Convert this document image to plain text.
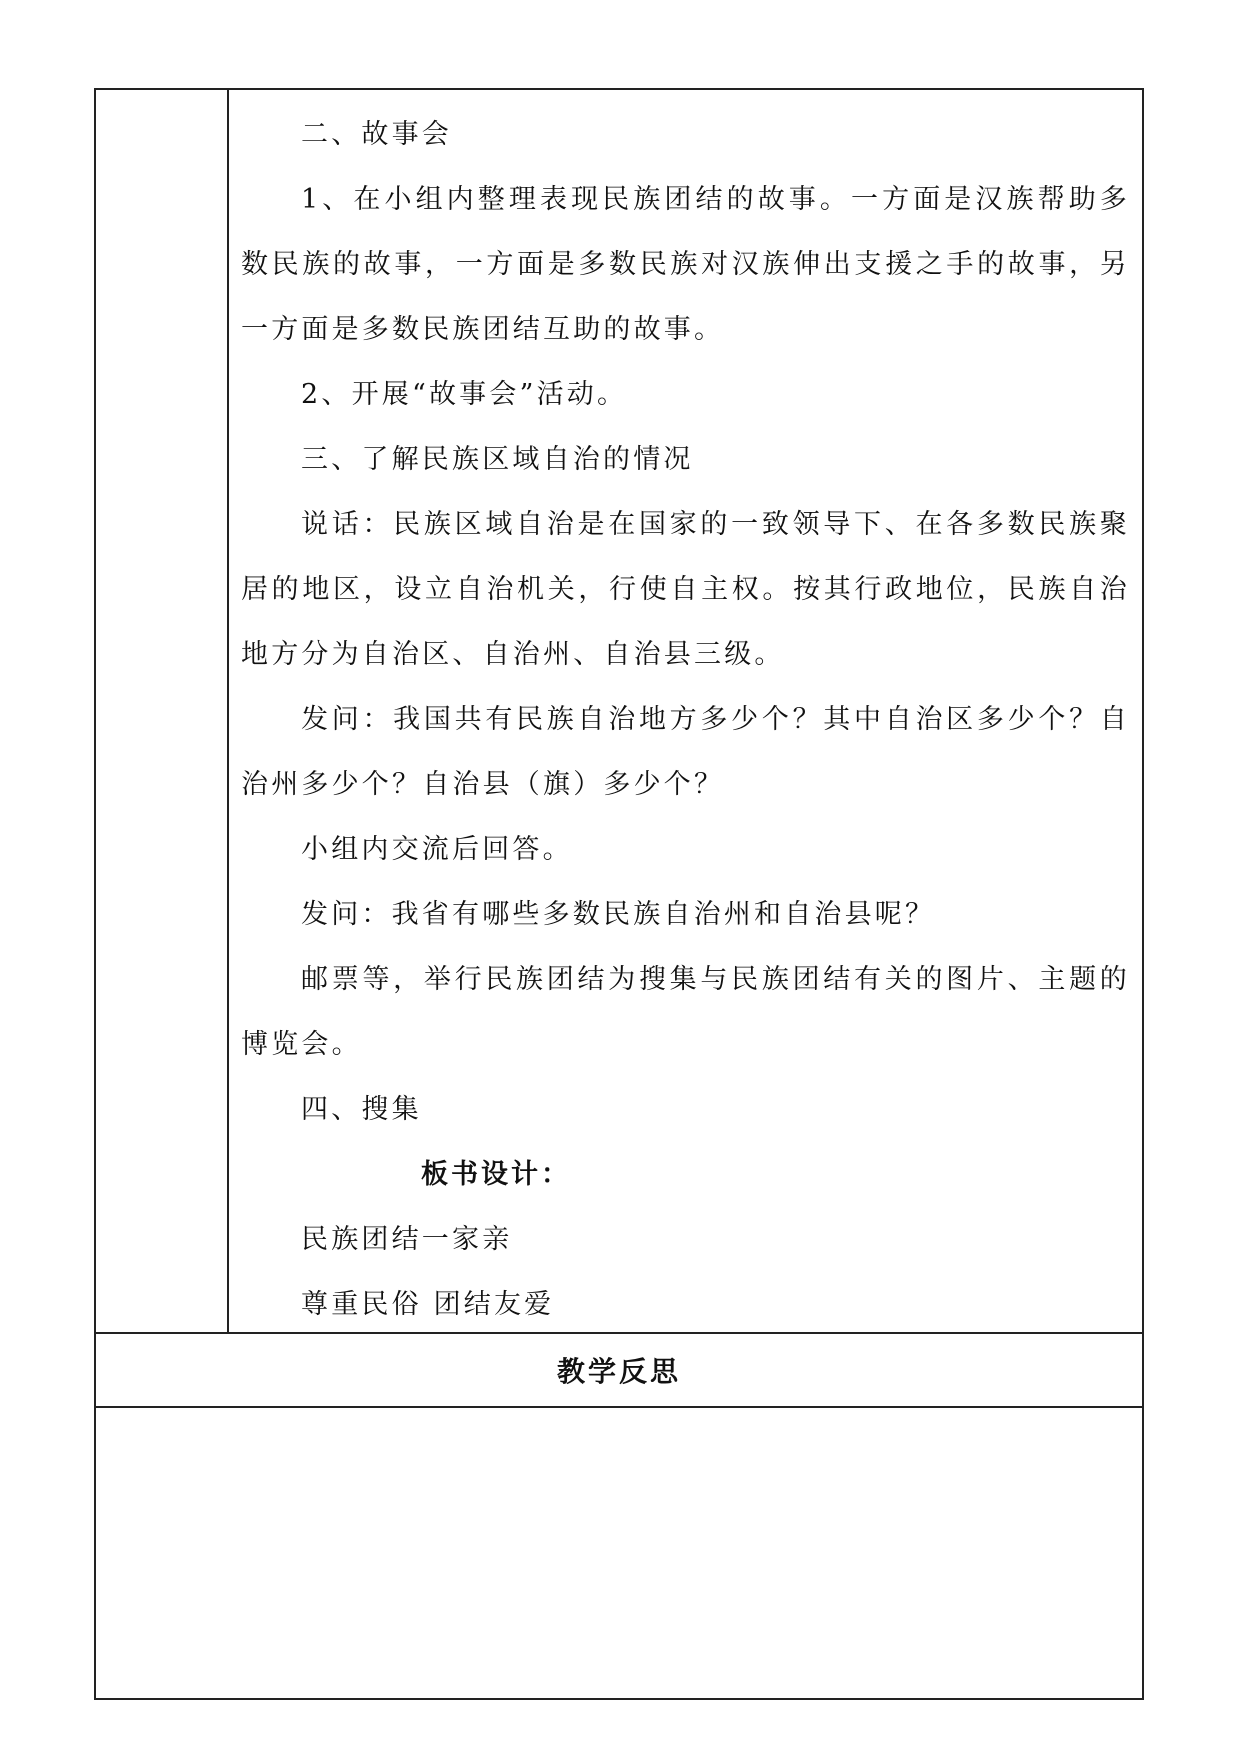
二、故事会

1、在小组内整理表现民族团结的故事。一方面是汉族帮助多数民族的故事，一方面是多数民族对汉族伸出支援之手的故事，另一方面是多数民族团结互助的故事。

2、开展“故事会”活动。

三、了解民族区域自治的情况

说话：民族区域自治是在国家的一致领导下、在各多数民族聚居的地区，设立自治机关，行使自主权。按其行政地位，民族自治地方分为自治区、自治州、自治县三级。

发问：我国共有民族自治地方多少个？其中自治区多少个？自治州多少个？自治县（旗）多少个？

小组内交流后回答。

发问：我省有哪些多数民族自治州和自治县呢？

邮票等，举行民族团结为搜集与民族团结有关的图片、主题的博览会。

四、搜集

板书设计：

民族团结一家亲

尊重民俗 团结友爱

教学反思
